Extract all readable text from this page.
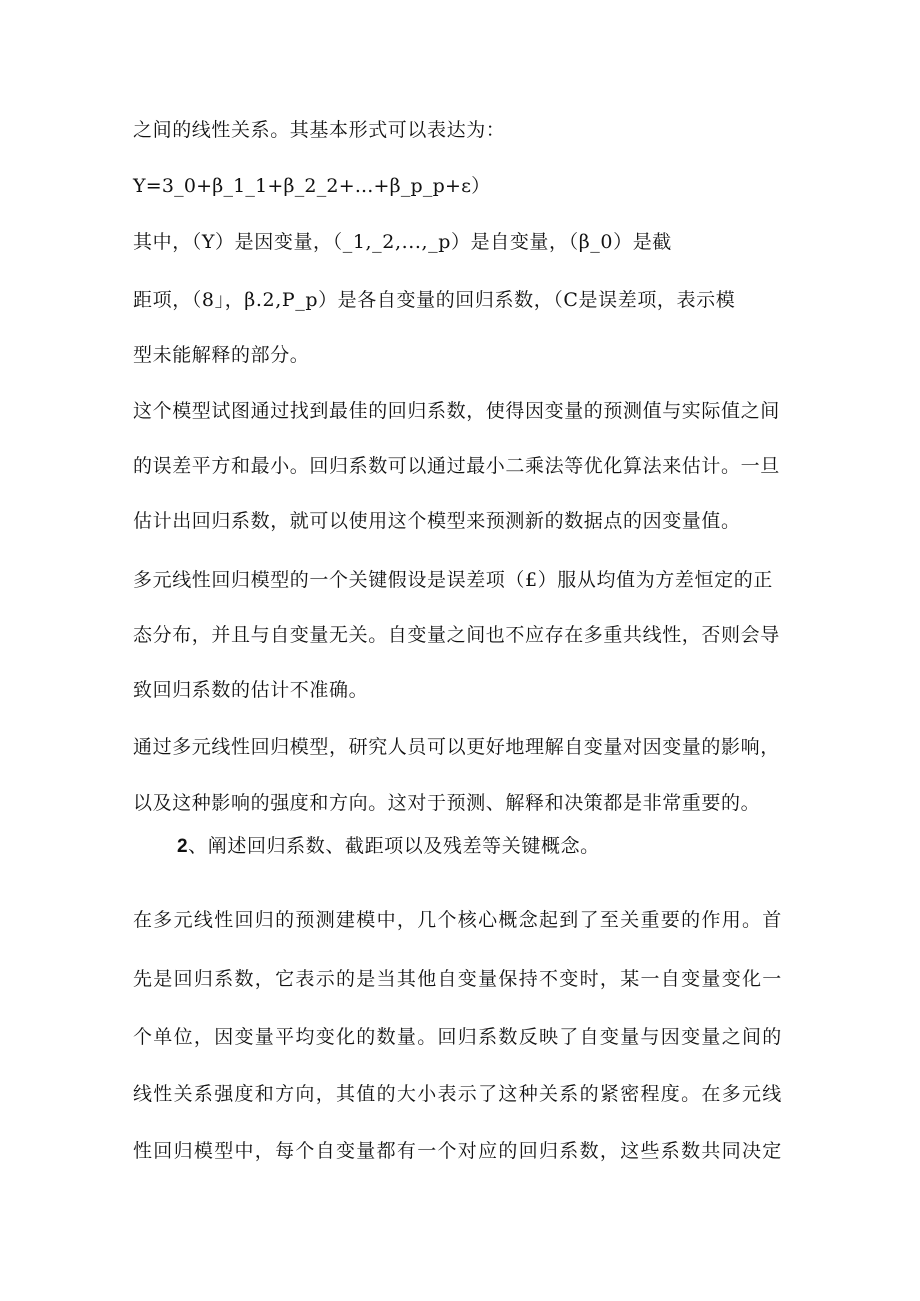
之间的线性关系。其基本形式可以表达为：
Y=3_0+β_1_1+β_2_2+...+β_p_p+ε）
其中，（Y）是因变量，（_1,_2,...,_p）是自变量，（β_0）是截
距项，（8」，β.2,P_p）是各自变量的回归系数，（C是误差项，表示模
型未能解释的部分。
这个模型试图通过找到最佳的回归系数，使得因变量的预测值与实际值之间
的误差平方和最小。回归系数可以通过最小二乘法等优化算法来估计。一旦
估计出回归系数，就可以使用这个模型来预测新的数据点的因变量值。
多元线性回归模型的一个关键假设是误差项（£）服从均值为方差恒定的正
态分布，并且与自变量无关。自变量之间也不应存在多重共线性，否则会导
致回归系数的估计不准确。
通过多元线性回归模型，研究人员可以更好地理解自变量对因变量的影响，
以及这种影响的强度和方向。这对于预测、解释和决策都是非常重要的。
2、阐述回归系数、截距项以及残差等关键概念。
在多元线性回归的预测建模中，几个核心概念起到了至关重要的作用。首
先是回归系数，它表示的是当其他自变量保持不变时，某一自变量变化一
个单位，因变量平均变化的数量。回归系数反映了自变量与因变量之间的
线性关系强度和方向，其值的大小表示了这种关系的紧密程度。在多元线
性回归模型中，每个自变量都有一个对应的回归系数，这些系数共同决定
